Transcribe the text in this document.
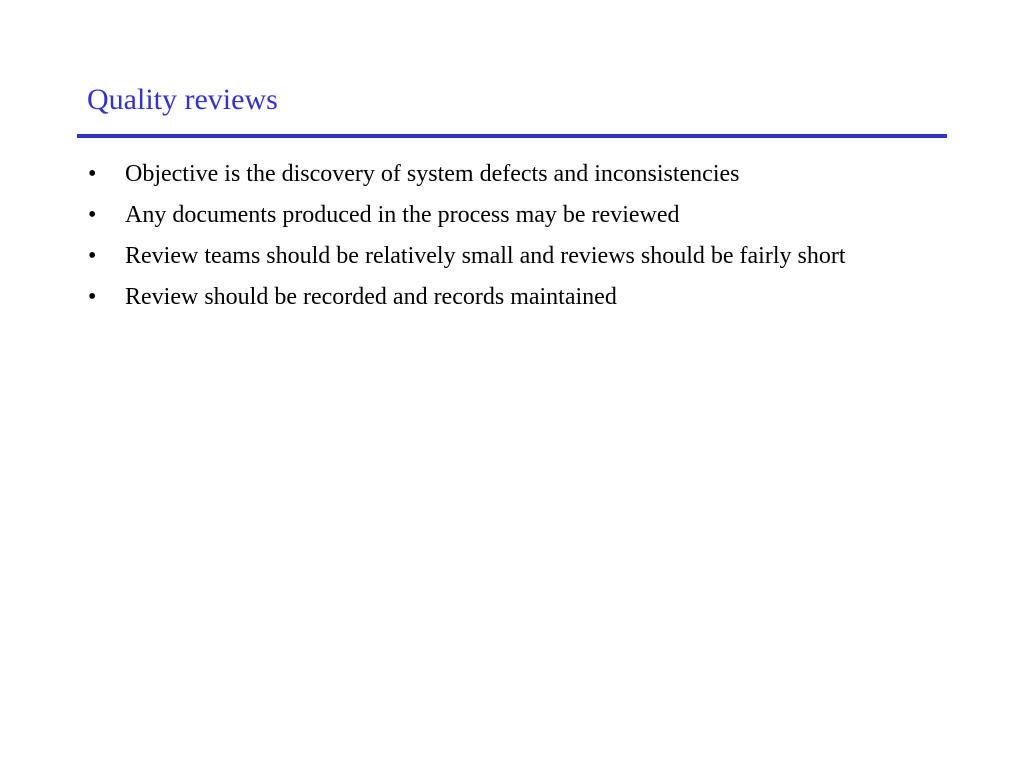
Quality reviews
• Objective is the discovery of system defects and inconsistencies
• Any documents produced in the process may be reviewed
• Review teams should be relatively small and reviews should be fairly short
• Review should be recorded and records maintained
